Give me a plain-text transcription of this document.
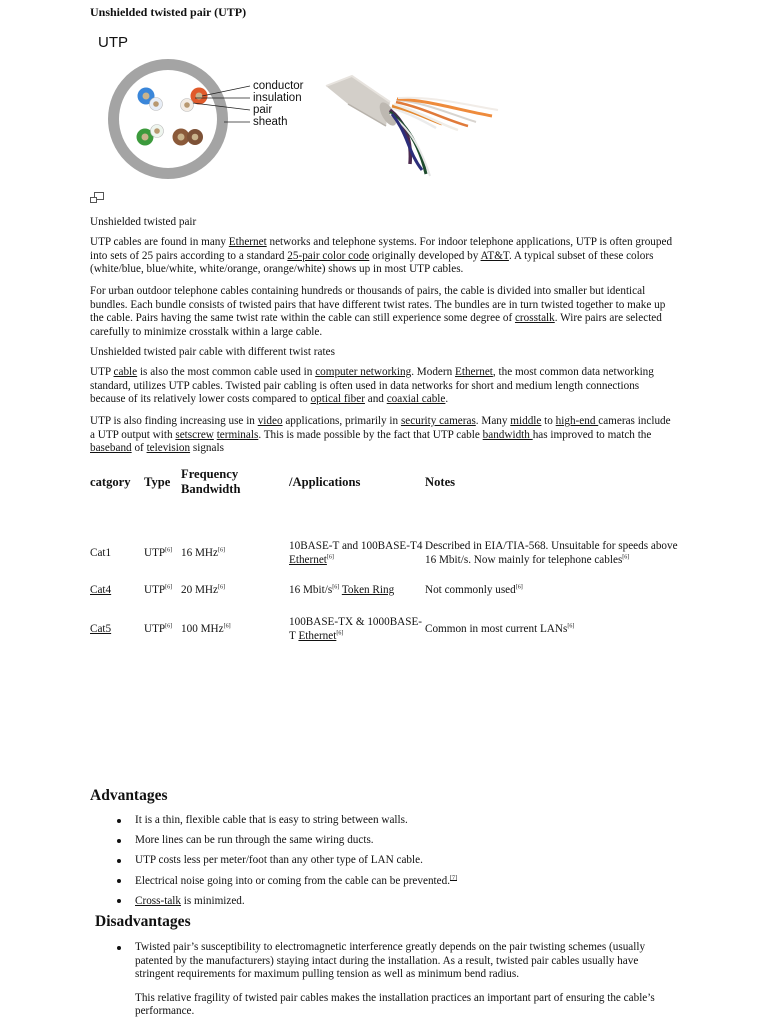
Unshielded twisted pair (UTP)
UTP
conductor
insulation
pair
sheath

Unshielded twisted pair

UTP cables are found in many Ethernet networks and telephone systems. For indoor telephone applications, UTP is often grouped into sets of 25 pairs according to a standard 25-pair color code originally developed by AT&T. A typical subset of these colors (white/blue, blue/white, white/orange, orange/white) shows up in most UTP cables.

For urban outdoor telephone cables containing hundreds or thousands of pairs, the cable is divided into smaller but identical bundles. Each bundle consists of twisted pairs that have different twist rates. The bundles are in turn twisted together to make up the cable. Pairs having the same twist rate within the cable can still experience some degree of crosstalk. Wire pairs are selected carefully to minimize crosstalk within a large cable.

Unshielded twisted pair cable with different twist rates

UTP cable is also the most common cable used in computer networking. Modern Ethernet, the most common data networking standard, utilizes UTP cables. Twisted pair cabling is often used in data networks for short and medium length connections because of its relatively lower costs compared to optical fiber and coaxial cable.

UTP is also finding increasing use in video applications, primarily in security cameras. Many middle to high-end cameras include a UTP output with setscrew terminals. This is made possible by the fact that UTP cable bandwidth has improved to match the baseband of television signals

catgory	Type	Frequency Bandwidth	/Applications	Notes

Cat1	UTP[6]	16 MHz[6]	10BASE-T and 100BASE-T4 Ethernet[6]	Described in EIA/TIA-568. Unsuitable for speeds above 16 Mbit/s. Now mainly for telephone cables[6]
Cat4	UTP[6]	20 MHz[6]	16 Mbit/s[6] Token Ring	Not commonly used[6]
Cat5	UTP[6]	100 MHz[6]	100BASE-TX & 1000BASE-T Ethernet[6]	Common in most current LANs[6]
Advantages
It is a thin, flexible cable that is easy to string between walls.
More lines can be run through the same wiring ducts.
UTP costs less per meter/foot than any other type of LAN cable.
Electrical noise going into or coming from the cable can be prevented.[7]
Cross-talk is minimized.
Disadvantages

Twisted pair’s susceptibility to electromagnetic interference greatly depends on the pair twisting schemes (usually patented by the manufacturers) staying intact during the installation. As a result, twisted pair cables usually have stringent requirements for maximum pulling tension as well as minimum bend radius.

This relative fragility of twisted pair cables makes the installation practices an important part of ensuring the cable’s performance.
